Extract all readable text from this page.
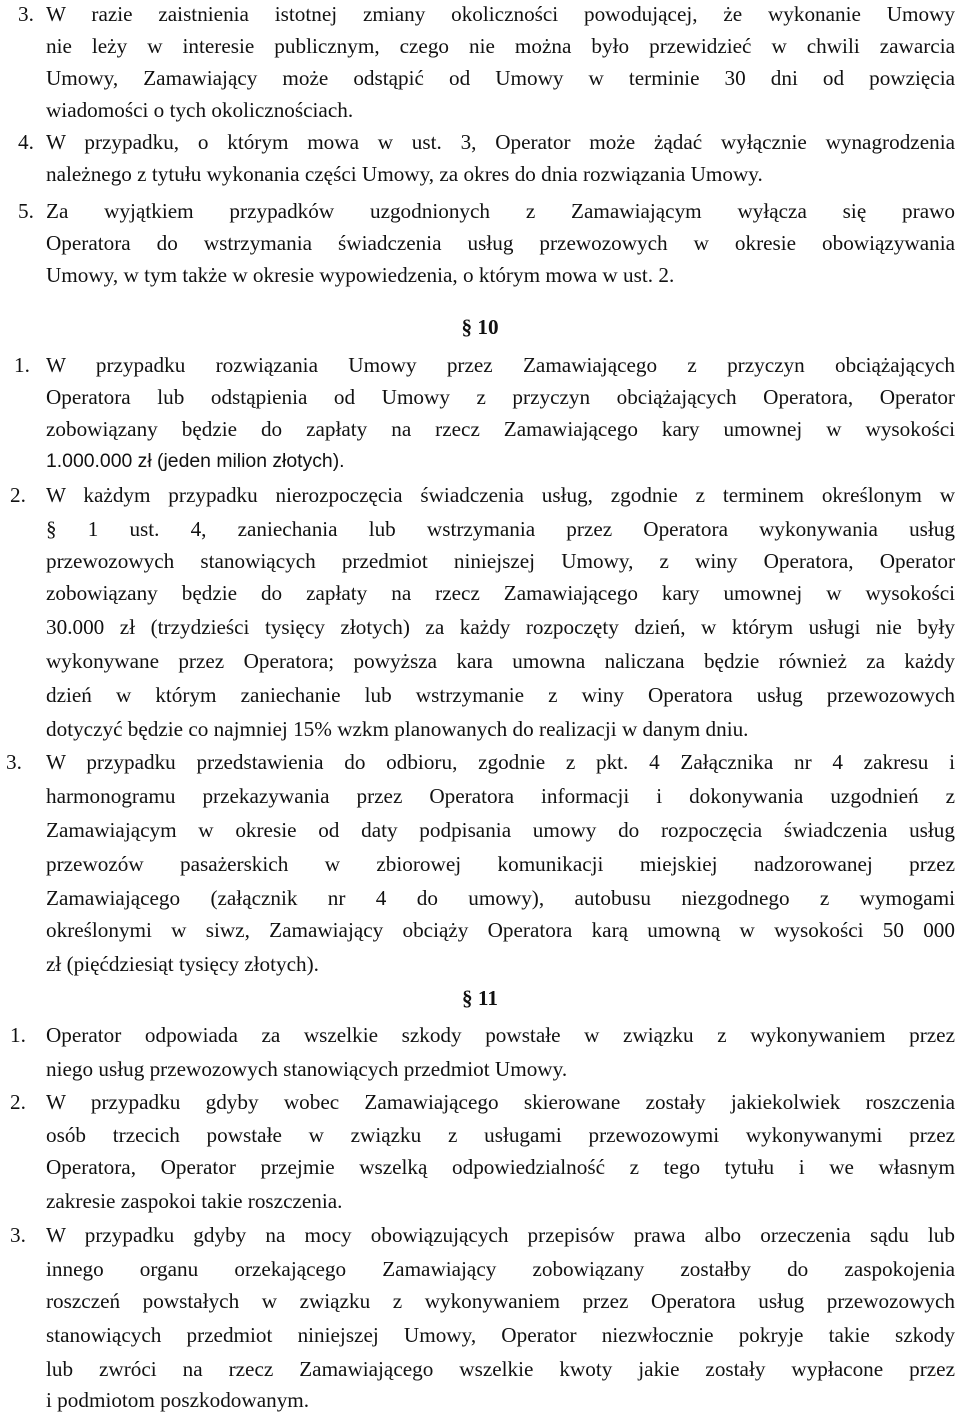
3. W razie zaistnienia istotnej zmiany okoliczności powodującej, że wykonanie Umowy
nie leży w interesie publicznym, czego nie można było przewidzieć w chwili zawarcia
Umowy, Zamawiający może odstąpić od Umowy w terminie 30 dni od powzięcia
wiadomości o tych okolicznościach.
4. W przypadku, o którym mowa w ust. 3, Operator może żądać wyłącznie wynagrodzenia
należnego z tytułu wykonania części Umowy, za okres do dnia rozwiązania Umowy.
5. Za wyjątkiem przypadków uzgodnionych z Zamawiającym wyłącza się prawo
Operatora do wstrzymania świadczenia usług przewozowych w okresie obowiązywania
Umowy, w tym także w okresie wypowiedzenia, o którym mowa w ust. 2.
§ 10
1. W przypadku rozwiązania Umowy przez Zamawiającego z przyczyn obciążających
Operatora lub odstąpienia od Umowy z przyczyn obciążających Operatora, Operator
zobowiązany będzie do zapłaty na rzecz Zamawiającego kary umownej w wysokości
1.000.000 zł (jeden milion złotych).
2. W każdym przypadku nierozpoczęcia świadczenia usług, zgodnie z terminem określonym w
§ 1 ust. 4, zaniechania lub wstrzymania przez Operatora wykonywania usług
przewozowych stanowiących przedmiot niniejszej Umowy, z winy Operatora, Operator
zobowiązany będzie do zapłaty na rzecz Zamawiającego kary umownej w wysokości
30.000 zł (trzydzieści tysięcy złotych) za każdy rozpoczęty dzień, w którym usługi nie były
wykonywane przez Operatora; powyższa kara umowna naliczana będzie również za każdy
dzień w którym zaniechanie lub wstrzymanie z winy Operatora usług przewozowych
dotyczyć będzie co najmniej 15% wzkm planowanych do realizacji w danym dniu.
3. W przypadku przedstawienia do odbioru, zgodnie z pkt. 4 Załącznika nr 4 zakresu i
harmonogramu przekazywania przez Operatora informacji i dokonywania uzgodnień z
Zamawiającym w okresie od daty podpisania umowy do rozpoczęcia świadczenia usług
przewozów pasażerskich w zbiorowej komunikacji miejskiej nadzorowanej przez
Zamawiającego (załącznik nr 4 do umowy), autobusu niezgodnego z wymogami
określonymi w siwz, Zamawiający obciąży Operatora karą umowną w wysokości 50 000
zł (pięćdziesiąt tysięcy złotych).
§ 11
1. Operator odpowiada za wszelkie szkody powstałe w związku z wykonywaniem przez
niego usług przewozowych stanowiących przedmiot Umowy.
2. W przypadku gdyby wobec Zamawiającego skierowane zostały jakiekolwiek roszczenia
osób trzecich powstałe w związku z usługami przewozowymi wykonywanymi przez
Operatora, Operator przejmie wszelką odpowiedzialność z tego tytułu i we własnym
zakresie zaspokoi takie roszczenia.
3. W przypadku gdyby na mocy obowiązujących przepisów prawa albo orzeczenia sądu lub
innego organu orzekającego Zamawiający zobowiązany zostałby do zaspokojenia
roszczeń powstałych w związku z wykonywaniem przez Operatora usług przewozowych
stanowiących przedmiot niniejszej Umowy, Operator niezwłocznie pokryje takie szkody
lub zwróci na rzecz Zamawiającego wszelkie kwoty jakie zostały wypłacone przez
i podmiotom poszkodowanym.
